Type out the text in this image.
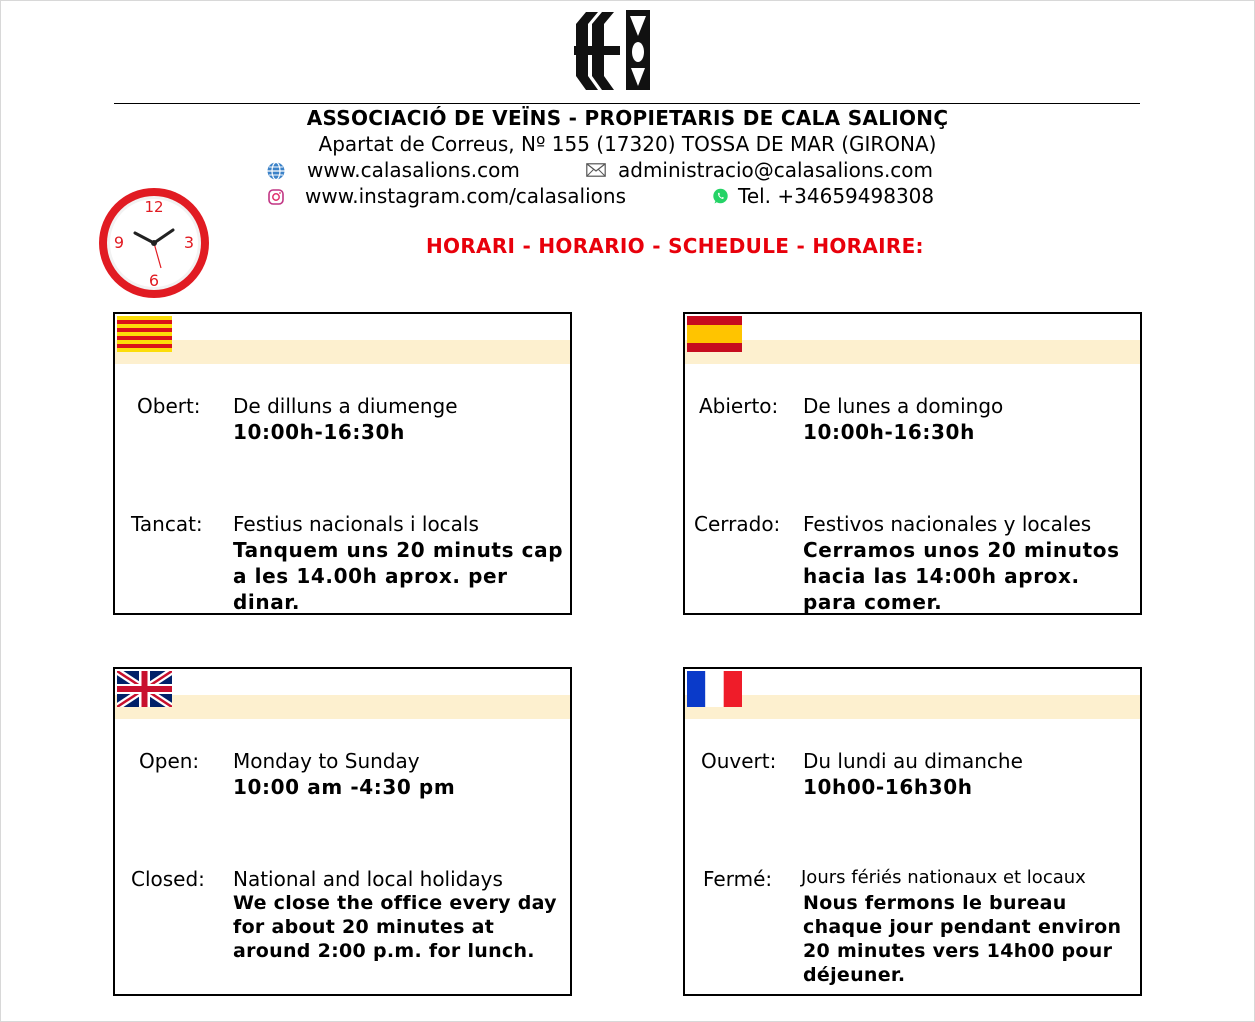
ASSOCIACIÓ DE VEÏNS - PROPIETARIS DE CALA SALIONÇ
Apartat de Correus, Nº 155 (17320) TOSSA DE MAR (GIRONA)
www.calasalions.com	administracio@calasalions.com
www.instagram.com/calasalions	Tel. +34659498308
12
3
6
9	HORARI - HORARIO - SCHEDULE - HORAIRE:
Obert: De dilluns a diumenge
10:00h-16:30h
Tancat: Festius nacionals i locals
Tanquem uns 20 minuts cap
a les 14.00h aprox. per
dinar.
Abierto: De lunes a domingo
10:00h-16:30h
Cerrado: Festivos nacionales y locales
Cerramos unos 20 minutos
hacia las 14:00h aprox.
para comer.
Open: Monday to Sunday
10:00 am -4:30 pm
Closed: National and local holidays
We close the office every day
for about 20 minutes at
around 2:00 p.m. for lunch.
Ouvert: Du lundi au dimanche
10h00-16h30h
Fermé: Jours fériés nationaux et locaux
Nous fermons le bureau
chaque jour pendant environ
20 minutes vers 14h00 pour
déjeuner.
